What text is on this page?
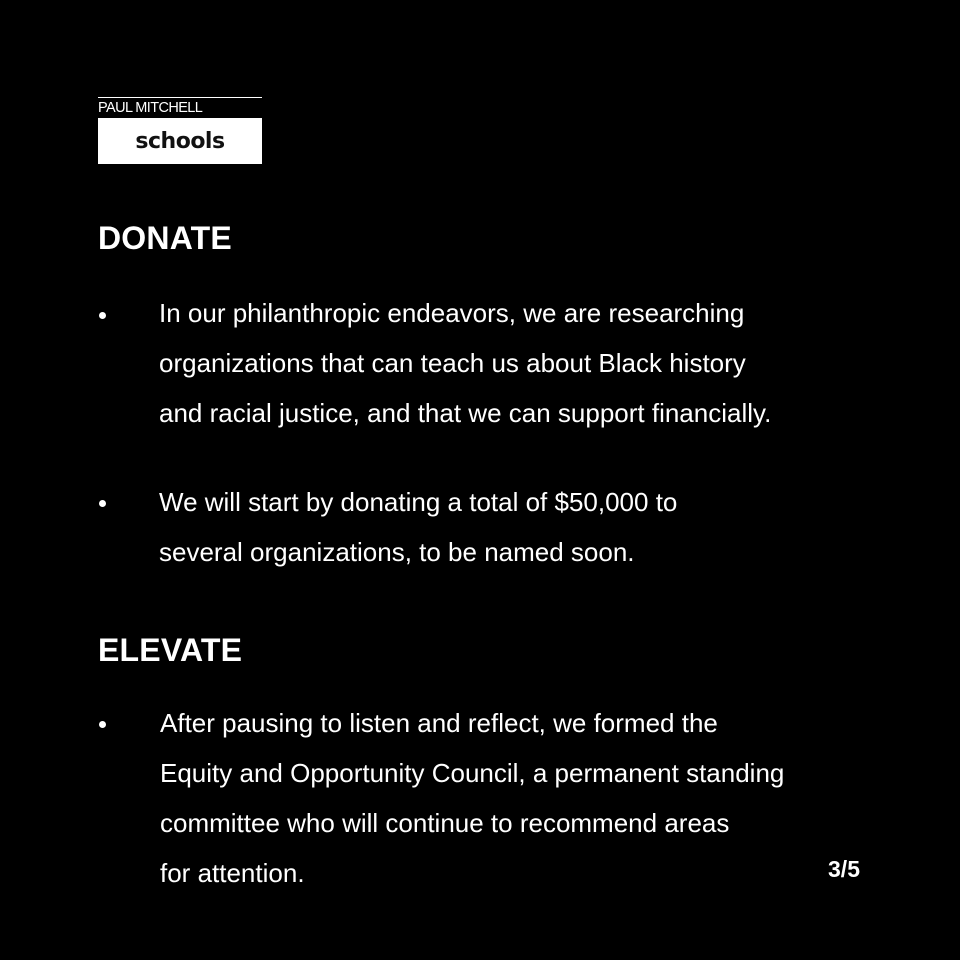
PAUL MITCHELL
schools
DONATE
In our philanthropic endeavors, we are researching
organizations that can teach us about Black history
and racial justice, and that we can support financially.
We will start by donating a total of $50,000 to
several organizations, to be named soon.
ELEVATE
After pausing to listen and reflect, we formed the
Equity and Opportunity Council, a permanent standing
committee who will continue to recommend areas
for attention.	3/5
